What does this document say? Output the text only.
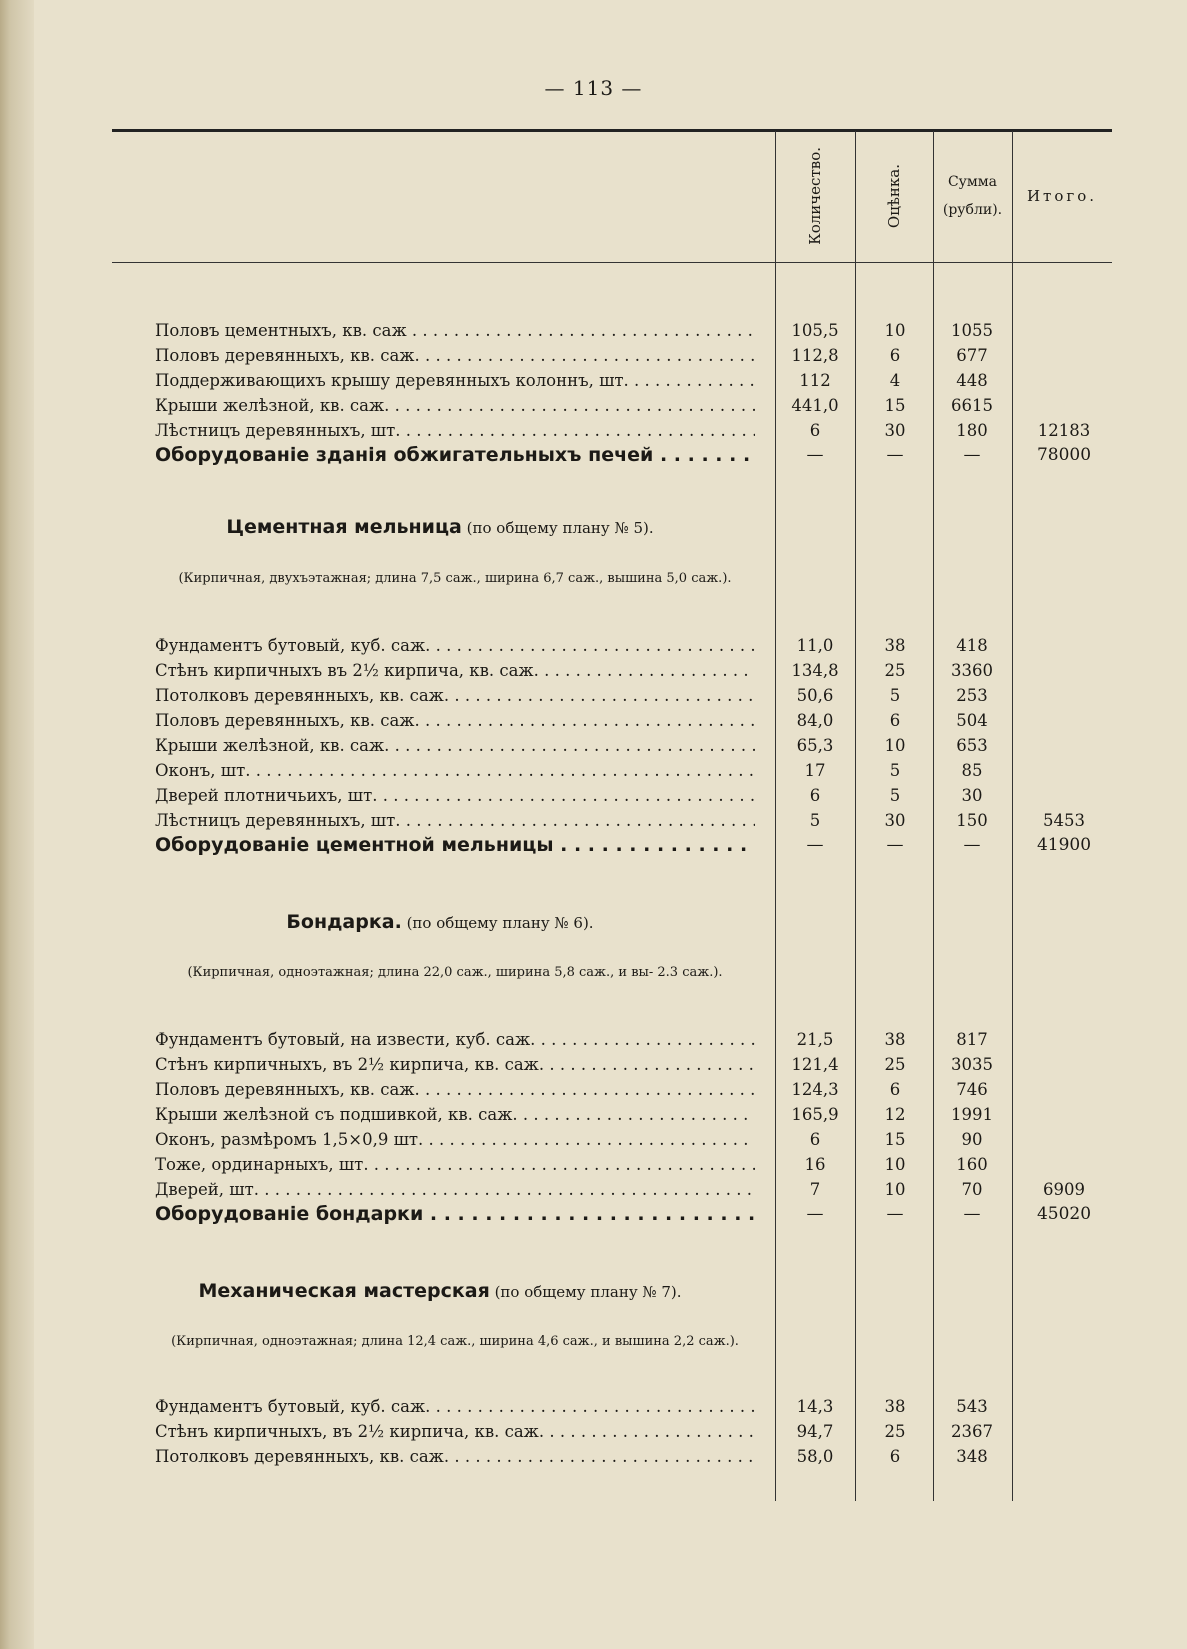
— 113 —
Количество.	Оцѣнка.	Сумма (рубли).
Итого.
Половъ цементныхъ, кв. саж . . .	105,5	10	1055
Половъ деревянныхъ, кв. саж. . . .	112,8	6	677
Поддерживающихъ крышу деревянныхъ колоннъ, шт. . . .	112	4	448
Крыши желѣзной, кв. саж. . . .	441,0	15	6615
Лѣстницъ деревянныхъ, шт. . . .	6	30	180	12183
Оборудованіе зданія обжигательныхъ печей . . .	—	—	—	78000
Цементная мельница (по общему плану № 5).
(Кирпичная, двухъэтажная; длина 7,5 саж., ширина 6,7 саж., вышина 5,0 саж.).
Фундаментъ бутовый, куб. саж. . . .	11,0	38	418
Стѣнъ кирпичныхъ въ 2½ кирпича, кв. саж. . . .	134,8	25	3360
Потолковъ деревянныхъ, кв. саж. . . .	50,6	5	253
Половъ деревянныхъ, кв. саж. . . .	84,0	6	504
Крыши желѣзной, кв. саж. . . .	65,3	10	653
Оконъ, шт. . . .	17	5	85
Дверей плотничьихъ, шт. . . .	6	5	30
Лѣстницъ деревянныхъ, шт. . . .	5	30	150	5453
Оборудованіе цементной мельницы . . .	—	—	—	41900
Бондарка. (по общему плану № 6).
(Кирпичная, одноэтажная; длина 22,0 саж., ширина 5,8 саж., и вы- 2.3 саж.).
Фундаментъ бутовый, на извести, куб. саж. . . .	21,5	38	817
Стѣнъ кирпичныхъ, въ 2½ кирпича, кв. саж. . . .	121,4	25	3035
Половъ деревянныхъ, кв. саж. . . .	124,3	6	746
Крыши желѣзной съ подшивкой, кв. саж. . . .	165,9	12	1991
Оконъ, размѣромъ 1,5×0,9 шт. . . .	6	15	90
Тоже, ординарныхъ, шт. . . .	16	10	160
Дверей, шт. . . .	7	10	70	6909
Оборудованіе бондарки . . .	—	—	—	45020
Механическая мастерская (по общему плану № 7).
(Кирпичная, одноэтажная; длина 12,4 саж., ширина 4,6 саж., и вышина 2,2 саж.).
Фундаментъ бутовый, куб. саж. . . .	14,3	38	543
Стѣнъ кирпичныхъ, въ 2½ кирпича, кв. саж. . . .	94,7	25	2367
Потолковъ деревянныхъ, кв. саж. . . .	58,0	6	348
